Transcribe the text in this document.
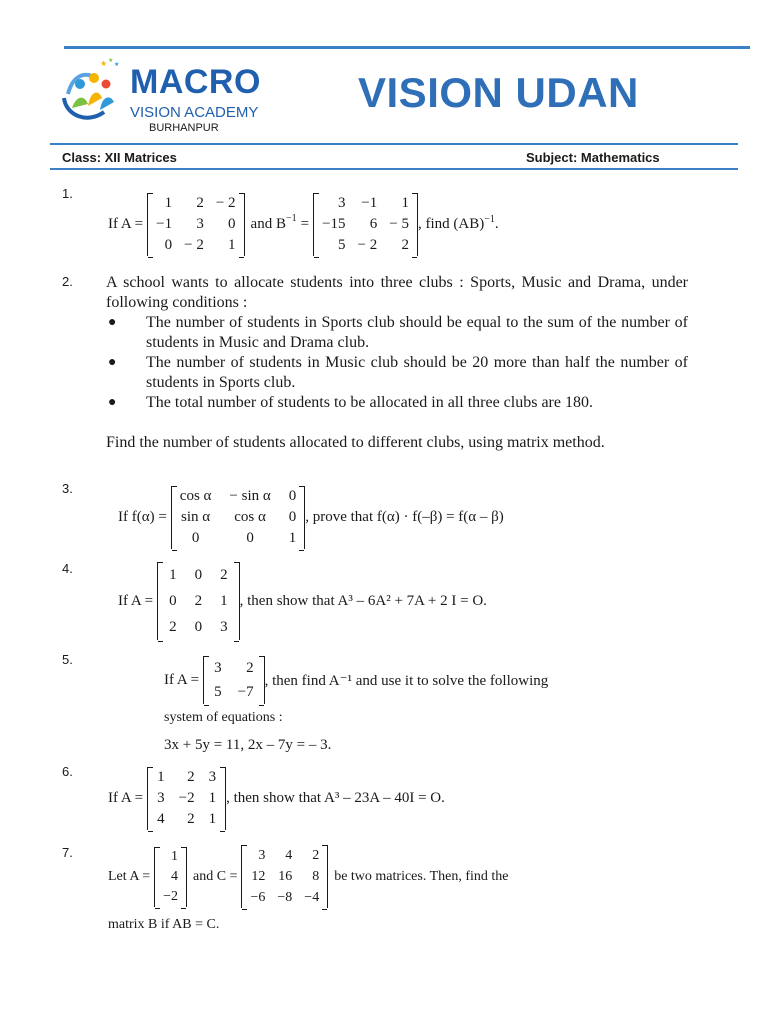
★ ★
★ MACRO
VISION ACADEMY
BURHANPUR
VISION UDAN
Class: XII Matrices	Subject: Mathematics
1.
If A =
1	2	− 2
−1	3	0
0	− 2	1
and $B^{-1}$ =
3	−1	1
−15	6	− 5
5	− 2	2
, find (AB)$^{-1}$ .
2. A school wants to allocate students into three clubs : Sports, Music and Drama, under following conditions :
● The number of students in Sports club should be equal to the sum of the number of students in Music and Drama club.
● The number of students in Music club should be 20 more than half the number of students in Sports club.
● The total number of students to be allocated in all three clubs are 180.
Find the number of students allocated to different clubs, using matrix method.
3.
If f(α) =
cos α	− sin α	0
sin α	cos α	0
0	0	1
, prove that f(α) · f(–β) = f(α – β)
4.
If A =
1	0	2
0	2	1
2	0	3
, then show that A³ – 6A² + 7A + 2 I = O.
5.
If A =
3	2
5	−7
, then find A⁻¹ and use it to solve the following
system of equations :
3x + 5y = 11, 2x – 7y = – 3.
6.
If A =
1	2	3
3	−2	1
4	2	1
, then show that A³ – 23A – 40I = O.
7.
Let A =
1
4
−2
and C =
3	4	2
12	16	8
−6	−8	−4
be two matrices. Then, find the
matrix B if AB = C.
